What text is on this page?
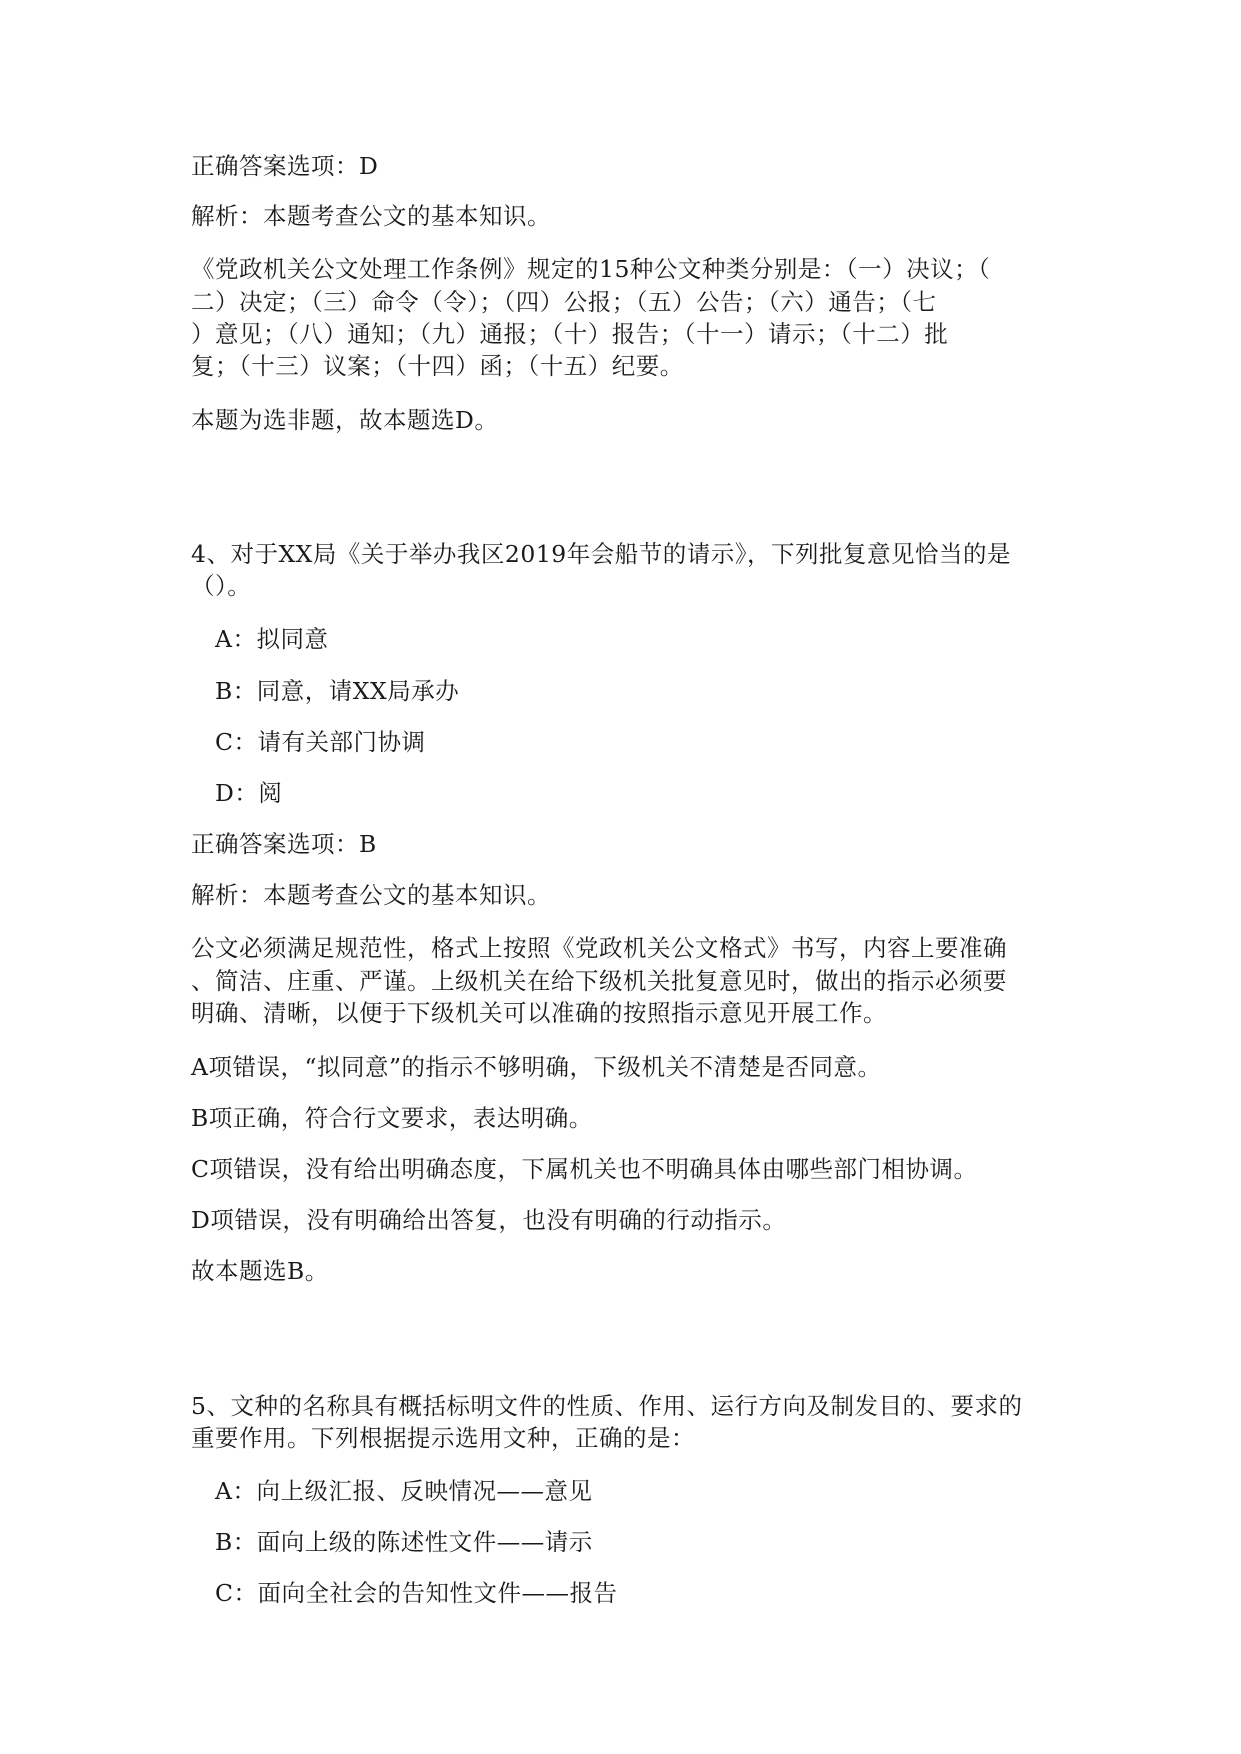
正确答案选项：D
解析：本题考查公文的基本知识。
《党政机关公文处理工作条例》规定的15种公文种类分别是：（一）决议；（
二）决定；（三）命令（令）；（四）公报；（五）公告；（六）通告；（七
）意见；（八）通知；（九）通报；（十）报告；（十一）请示；（十二）批
复；（十三）议案；（十四）函；（十五）纪要。
本题为选非题，故本题选D。
4、对于XX局《关于举办我区2019年会船节的请示》，下列批复意见恰当的是
（）。
A：拟同意
B：同意，请XX局承办
C：请有关部门协调
D：阅
正确答案选项：B
解析：本题考查公文的基本知识。
公文必须满足规范性，格式上按照《党政机关公文格式》书写，内容上要准确
、简洁、庄重、严谨。上级机关在给下级机关批复意见时，做出的指示必须要
明确、清晰，以便于下级机关可以准确的按照指示意见开展工作。
A项错误，“拟同意”的指示不够明确，下级机关不清楚是否同意。
B项正确，符合行文要求，表达明确。
C项错误，没有给出明确态度，下属机关也不明确具体由哪些部门相协调。
D项错误，没有明确给出答复，也没有明确的行动指示。
故本题选B。
5、文种的名称具有概括标明文件的性质、作用、运行方向及制发目的、要求的
重要作用。下列根据提示选用文种，正确的是：
A：向上级汇报、反映情况——意见
B：面向上级的陈述性文件——请示
C：面向全社会的告知性文件——报告
